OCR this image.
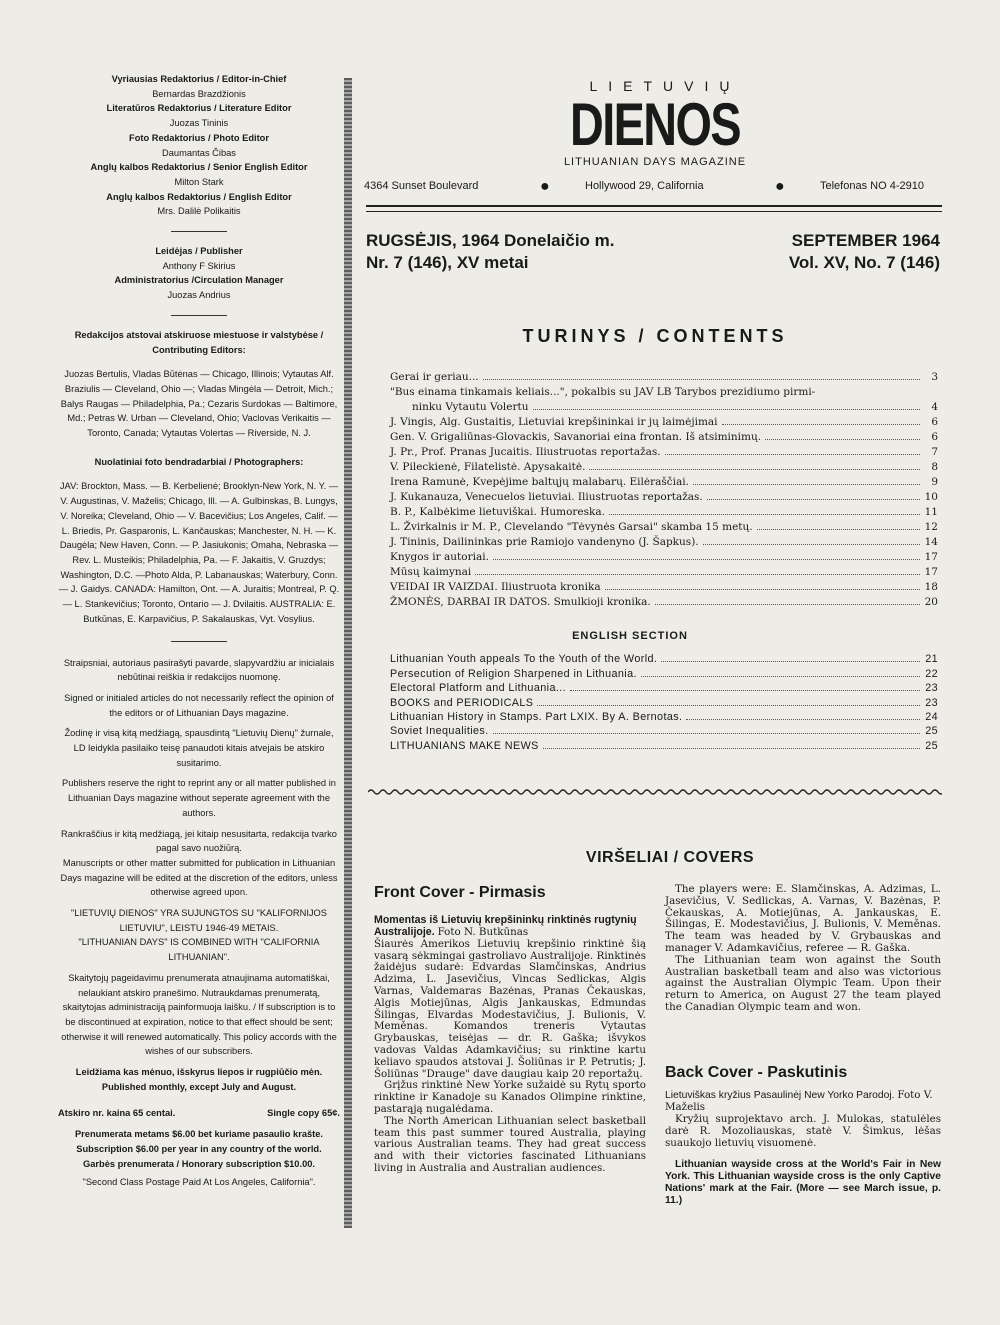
Vyriausias Redaktorius / Editor-in-Chief

Bernardas Brazdžionis

Literatūros Redaktorius / Literature Editor

Juozas Tininis

Foto Redaktorius / Photo Editor

Daumantas Čibas

Anglų kalbos Redaktorius / Senior English Editor

Milton Stark

Anglų kalbos Redaktorius / English Editor

Mrs. Dalilė Polikaitis

Leidėjas / Publisher

Anthony F Skirius

Administratorius /Circulation Manager

Juozas Andrius

Redakcijos atstovai atskiruose miestuose ir valstybėse / Contributing Editors:

Juozas Bertulis, Vladas Būtėnas — Chicago, Illinois; Vytautas Alf. Braziulis — Cleveland, Ohio —; Vladas Mingėla — Detroit, Mich.; Balys Raugas — Philadelphia, Pa.; Cezaris Surdokas — Baltimore, Md.; Petras W. Urban — Cleveland, Ohio; Vaclovas Verikaitis — Toronto, Canada; Vytautas Volertas — Riverside, N. J.

Nuolatiniai foto bendradarbiai / Photographers:

JAV: Brockton, Mass. — B. Kerbelienė; Brooklyn-New York, N. Y. — V. Augustinas, V. Maželis; Chicago, Ill. — A. Gulbinskas, B. Lungys, V. Noreika; Cleveland, Ohio — V. Bacevičius; Los Angeles, Calif. — L. Briedis, Pr. Gasparonis, L. Kančauskas; Manchester, N. H. — K. Daugėla; New Haven, Conn. — P. Jasiukonis; Omaha, Nebraska — Rev. L. Musteikis; Philadelphia, Pa. — F. Jakaitis, V. Gruzdys; Washington, D.C. —Photo Alda, P. Labanauskas; Waterbury, Conn. — J. Gaidys. CANADA: Hamilton, Ont. — A. Juraitis; Montreal, P. Q. — L. Stankevičius; Toronto, Ontario — J. Dvilaitis. AUSTRALIA: E. Butkūnas, E. Karpavičius, P. Sakalauskas, Vyt. Vosylius.

Straipsniai, autoriaus pasirašyti pavarde, slapyvardžiu ar inicialais nebūtinai reiškia ir redakcijos nuomonę.

Signed or initialed articles do not necessarily reflect the opinion of the editors or of Lithuanian Days magazine.

Žodinę ir visą kitą medžiagą, spausdintą "Lietuvių Dienų" žurnale, LD leidykla pasilaiko teisę panaudoti kitais atvejais be atskiro susitarimo.

Publishers reserve the right to reprint any or all matter published in Lithuanian Days magazine without seperate agreement with the authors.

Rankraščius ir kitą medžiagą, jei kitaip nesusitarta, redakcija tvarko pagal savo nuožiūrą.

Manuscripts or other matter submitted for publication in Lithuanian Days magazine will be edited at the discretion of the editors, unless otherwise agreed upon.

"LIETUVIŲ DIENOS" YRA SUJUNGTOS SU "KALIFORNIJOS LIETUVIU", LEISTU 1946-49 METAIS.

"LITHUANIAN DAYS" IS COMBINED WITH "CALIFORNIA LITHUANIAN".

Skaitytojų pageidavimu prenumerata atnaujinama automatiškai, nelaukiant atskiro pranešimo. Nutraukdamas prenumeratą, skaitytojas administraciją painformuoja laišku. / If subscription is to be discontinued at expiration, notice to that effect should be sent; otherwise it will renewed automatically. This policy accords with the wishes of our subscribers.

Leidžiama kas mėnuo, išskyrus liepos ir rugpiūčio mėn. Published monthly, except July and August.

Atskiro nr. kaina 65 centai.	Single copy 65¢.

Prenumerata metams $6.00 bet kuriame pasaulio krašte.

Subscription $6.00 per year in any country of the world.

Garbės prenumerata / Honorary subscription $10.00.

"Second Class Postage Paid At Los Angeles, California".

LIETUVIŲ
DIENOS
LITHUANIAN DAYS MAGAZINE
4364 Sunset Boulevard	●	Hollywood 29, California	●	Telefonas NO 4-2910
RUGSĖJIS, 1964 Donelaičio m.
Nr. 7 (146), XV metai
SEPTEMBER 1964
Vol. XV, No. 7 (146)
TURINYS / CONTENTS
Gerai ir geriau...	3
"Bus einama tinkamais keliais...", pokalbis su JAV LB Tarybos prezidiumo pirmi-
ninku Vytautu Volertu	4
J. Vingis, Alg. Gustaitis, Lietuviai krepšininkai ir jų laimėjimai	6
Gen. V. Grigaliūnas-Glovackis, Savanoriai eina frontan. Iš atsiminimų.	6
J. Pr., Prof. Pranas Jucaitis. Iliustruotas reportažas.	7
V. Pileckienė, Filatelistė. Apysakaitė.	8
Irena Ramunė, Kvepėjime baltųjų malabarų. Eilėraščiai.	9
J. Kukanauza, Venecuelos lietuviai. Iliustruotas reportažas.	10
B. P., Kalbėkime lietuviškai. Humoreska.	11
L. Žvirkalnis ir M. P., Clevelando "Tėvynės Garsai" skamba 15 metų.	12
J. Tininis, Dailininkas prie Ramiojo vandenyno (J. Šapkus).	14
Knygos ir autoriai.	17
Mūsų kaimynai	17
VEIDAI IR VAIZDAI. Iliustruota kronika	18
ŽMONĖS, DARBAI IR DATOS. Smulkioji kronika.	20
ENGLISH SECTION
Lithuanian Youth appeals To the Youth of the World.	21
Persecution of Religion Sharpened in Lithuania.	22
Electoral Platform and Lithuania...	23
BOOKS and PERIODICALS	23
Lithuanian History in Stamps. Part LXIX. By A. Bernotas.	24
Soviet Inequalities.	25
LITHUANIANS MAKE NEWS	25
VIRŠELIAI / COVERS
Front Cover - Pirmasis
Momentas iš Lietuvių krepšininkų rinktinės rugtynių Australijoje. Foto N. Butkūnas
Šiaurės Amerikos Lietuvių krepšinio rinktinė šią vasarą sėkmingai gastroliavo Australijoje. Rinktinės žaidėjus sudarė: Edvardas Slamčinskas, Andrius Adzima, L. Jasevičius, Vincas Sedlickas, Algis Varnas, Valdemaras Bazėnas, Pranas Čekauskas, Algis Motiejūnas, Algis Jankauskas, Edmundas Šilingas, Elvardas Modestavičius, J. Bulionis, V. Meměnas. Komandos treneris Vytautas Grybauskas, teisėjas — dr. R. Gaška; išvykos vadovas Valdas Adamkavičius; su rinktine kartu keliavo spaudos atstovai J. Šoliūnas ir P. Petrutis; J. Šoliūnas "Drauge" dave daugiau kaip 20 reportažų.
Grįžus rinktinė New Yorke sužaidė su Rytų sporto rinktine ir Kanadoje su Kanados Olimpine rinktine, pastarąją nugalėdama.
The North American Lithuanian select basketball team this past summer toured Australia, playing various Australian teams. They had great success and with their victories fascinated Lithuanians living in Australia and Australian audiences.
The players were: E. Slamčinskas, A. Adzimas, L. Jasevičius, V. Sedlickas, A. Varnas, V. Bazėnas, P. Čekauskas, A. Motiejūnas, A. Jankauskas, E. Šilingas, E. Modestavičius, J. Bulionis, V. Meměnas. The team was headed by V. Grybauskas and manager V. Adamkavičius, referee — R. Gaška.
The Lithuanian team won against the South Australian basketball team and also was victorious against the Australian Olympic Team. Upon their return to America, on August 27 the team played the Canadian Olympic team and won.
Back Cover - Paskutinis
Lietuviškas kryžius Pasaulinėj New Yorko Parodoj. Foto V. Maželis
Kryžių suprojektavo arch. J. Mulokas, statulėles darė R. Mozoliauskas, statė V. Šimkus, lėšas suaukojo lietuvių visuomenė.
Lithuanian wayside cross at the World's Fair in New York. This Lithuanian wayside cross is the only Captive Nations' mark at the Fair. (More — see March issue, p. 11.)
